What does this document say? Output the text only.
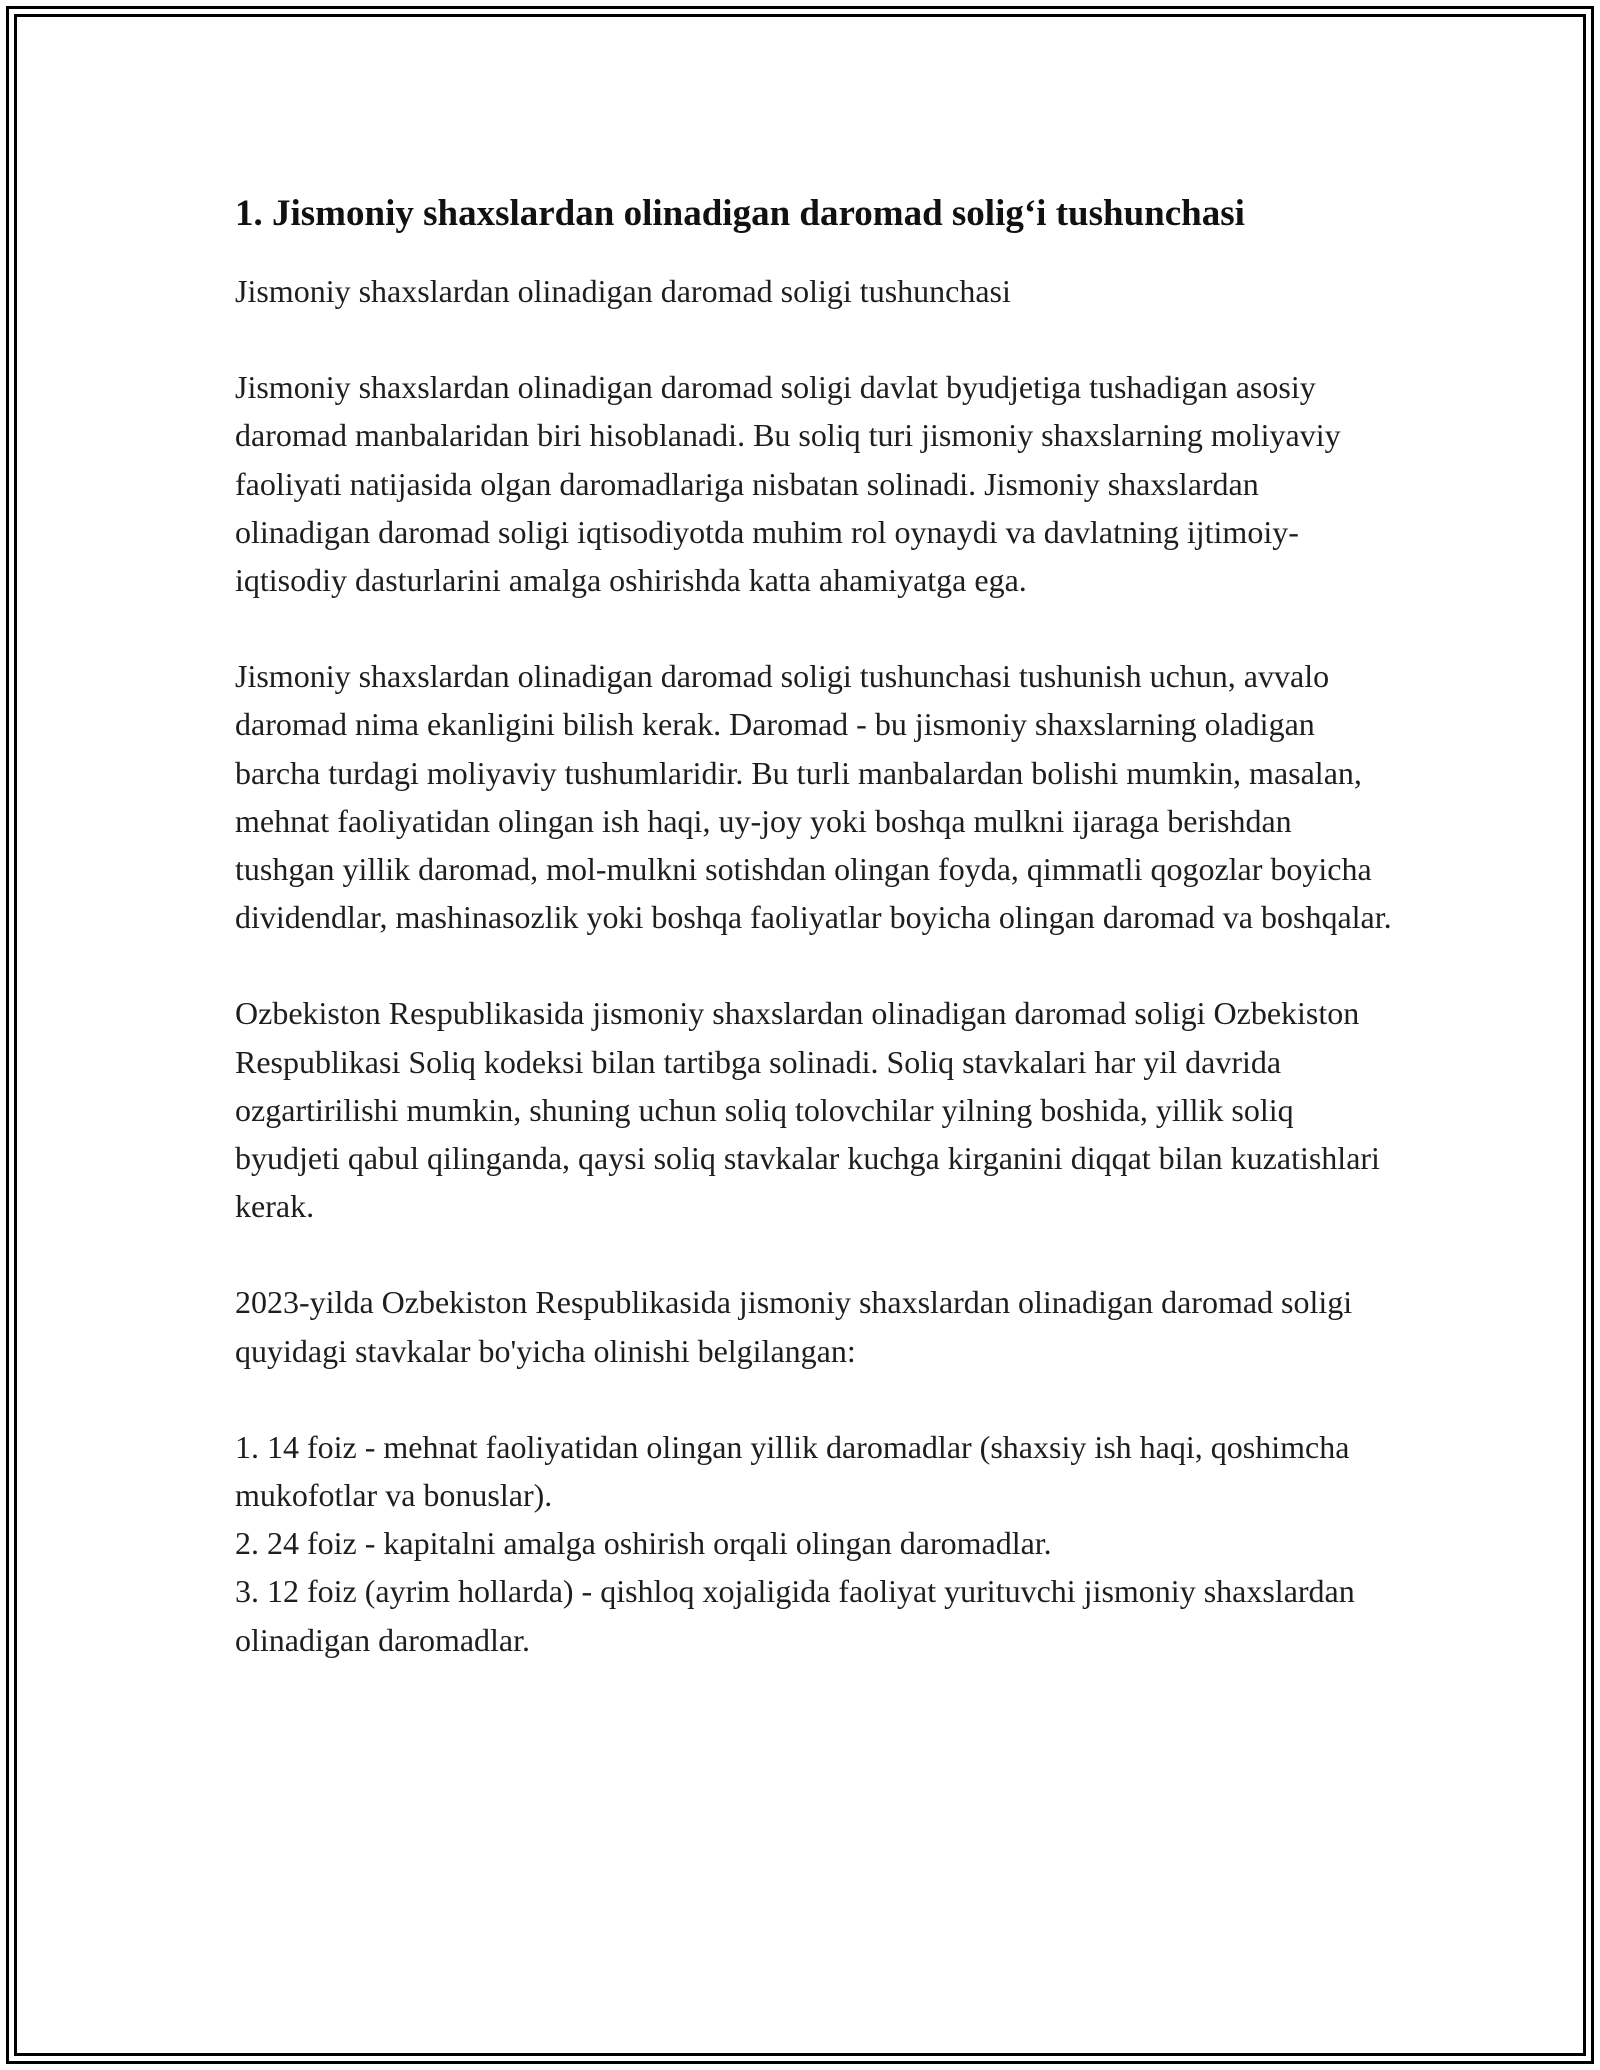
1. Jismoniy shaxslardan olinadigan daromad solig‘i tushunchasi

Jismoniy shaxslardan olinadigan daromad soligi tushunchasi

Jismoniy shaxslardan olinadigan daromad soligi davlat byudjetiga tushadigan asosiy daromad manbalaridan biri hisoblanadi. Bu soliq turi jismoniy shaxslarning moliyaviy faoliyati natijasida olgan daromadlariga nisbatan solinadi. Jismoniy shaxslardan olinadigan daromad soligi iqtisodiyotda muhim rol oynaydi va davlatning ijtimoiy-iqtisodiy dasturlarini amalga oshirishda katta ahamiyatga ega.

Jismoniy shaxslardan olinadigan daromad soligi tushunchasi tushunish uchun, avvalo daromad nima ekanligini bilish kerak. Daromad - bu jismoniy shaxslarning oladigan barcha turdagi moliyaviy tushumlaridir. Bu turli manbalardan bolishi mumkin, masalan, mehnat faoliyatidan olingan ish haqi, uy-joy yoki boshqa mulkni ijaraga berishdan tushgan yillik daromad, mol-mulkni sotishdan olingan foyda, qimmatli qogozlar boyicha dividendlar, mashinasozlik yoki boshqa faoliyatlar boyicha olingan daromad va boshqalar.

Ozbekiston Respublikasida jismoniy shaxslardan olinadigan daromad soligi Ozbekiston Respublikasi Soliq kodeksi bilan tartibga solinadi. Soliq stavkalari har yil davrida ozgartirilishi mumkin, shuning uchun soliq tolovchilar yilning boshida, yillik soliq byudjeti qabul qilinganda, qaysi soliq stavkalar kuchga kirganini diqqat bilan kuzatishlari kerak.

2023-yilda Ozbekiston Respublikasida jismoniy shaxslardan olinadigan daromad soligi quyidagi stavkalar bo'yicha olinishi belgilangan:

1. 14 foiz - mehnat faoliyatidan olingan yillik daromadlar (shaxsiy ish haqi, qoshimcha mukofotlar va bonuslar).

2. 24 foiz - kapitalni amalga oshirish orqali olingan daromadlar.

3. 12 foiz (ayrim hollarda) - qishloq xojaligida faoliyat yurituvchi jismoniy shaxslardan olinadigan daromadlar.
